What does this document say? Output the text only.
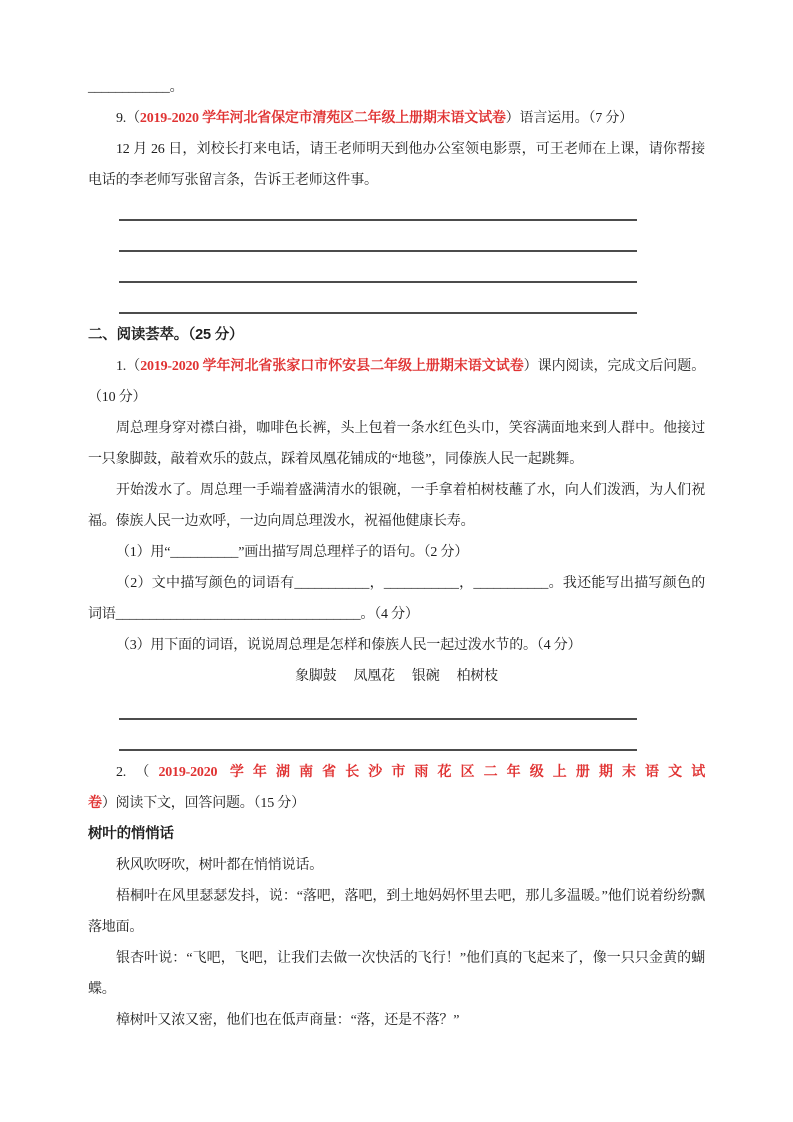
____________。

9.（2019-2020 学年河北省保定市清苑区二年级上册期末语文试卷）语言运用。（7 分）

12 月 26 日，刘校长打来电话，请王老师明天到他办公室领电影票，可王老师在上课，请你帮接电话的李老师写张留言条，告诉王老师这件事。

二、阅读荟萃。（25 分）

1.（2019-2020 学年河北省张家口市怀安县二年级上册期末语文试卷）课内阅读，完成文后问题。（10 分）

周总理身穿对襟白褂，咖啡色长裤，头上包着一条水红色头巾，笑容满面地来到人群中。他接过一只象脚鼓，敲着欢乐的鼓点，踩着凤凰花铺成的“地毯”，同傣族人民一起跳舞。

开始泼水了。周总理一手端着盛满清水的银碗，一手拿着柏树枝蘸了水，向人们泼洒，为人们祝福。傣族人民一边欢呼，一边向周总理泼水，祝福他健康长寿。

（1）用“__________”画出描写周总理样子的语句。（2 分）

（2）文中描写颜色的词语有___________，___________，___________。我还能写出描写颜色的词语____________________________________。（4 分）

（3）用下面的词语，说说周总理是怎样和傣族人民一起过泼水节的。（4 分）

象脚鼓 凤凰花 银碗 柏树枝

2.（2019-2020 学年湖南省长沙市雨花区二年级上册期末语文试卷）阅读下文，回答问题。（15 分）

树叶的悄悄话

秋风吹呀吹，树叶都在悄悄说话。

梧桐叶在风里瑟瑟发抖，说：“落吧，落吧，到土地妈妈怀里去吧，那儿多温暖。”他们说着纷纷飘落地面。

银杏叶说：“飞吧，飞吧，让我们去做一次快活的飞行！”他们真的飞起来了，像一只只金黄的蝴蝶。

樟树叶又浓又密，他们也在低声商量：“落，还是不落？”
